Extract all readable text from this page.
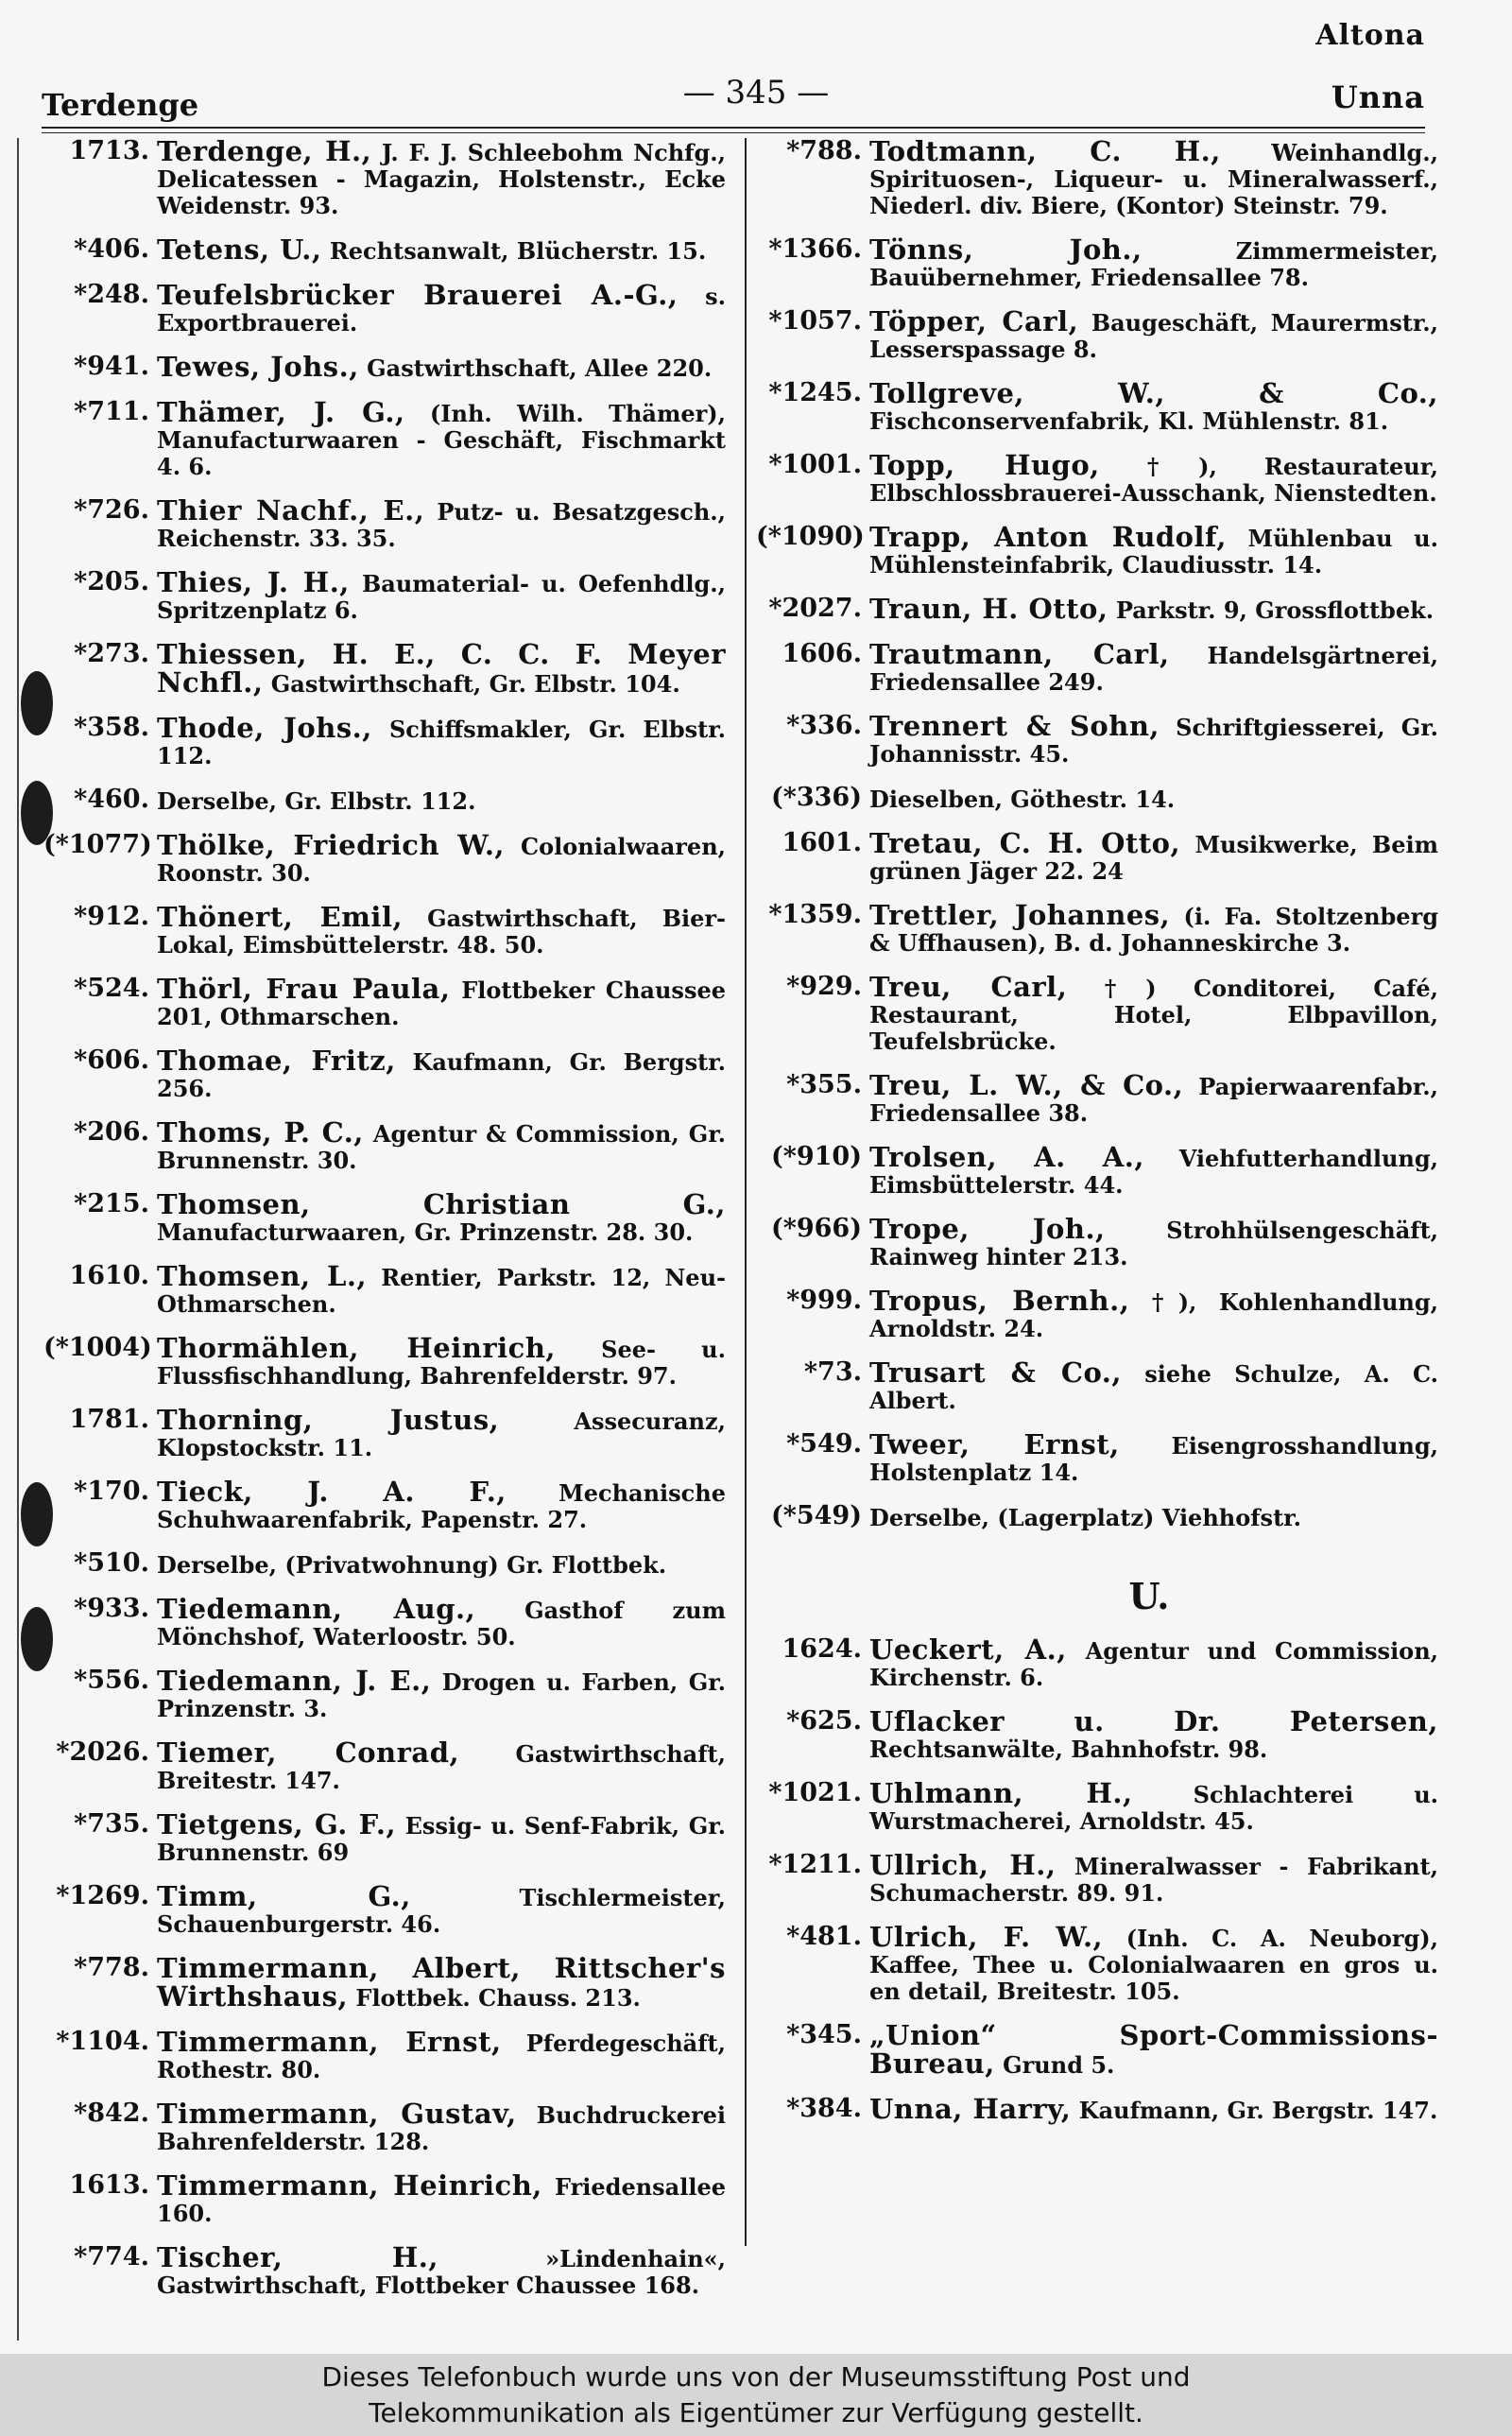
Altona
Terdenge	— 345 —	Unna
1713. Terdenge, H., J. F. J. Schleebohm Nchfg., Delicatessen - Magazin, Holstenstr., Ecke Weidenstr. 93.
*406. Tetens, U., Rechtsanwalt, Blücherstr. 15.
*248. Teufelsbrücker Brauerei A.-G., s. Exportbrauerei.
*941. Tewes, Johs., Gastwirthschaft, Allee 220.
*711. Thämer, J. G., (Inh. Wilh. Thämer), Manufacturwaaren - Geschäft, Fischmarkt 4. 6.
*726. Thier Nachf., E., Putz- u. Besatzgesch., Reichenstr. 33. 35.
*205. Thies, J. H., Baumaterial- u. Oefenhdlg., Spritzenplatz 6.
*273. Thiessen, H. E., C. C. F. Meyer Nchfl., Gastwirthschaft, Gr. Elbstr. 104.
*358. Thode, Johs., Schiffsmakler, Gr. Elbstr. 112.
*460. Derselbe, Gr. Elbstr. 112.
(*1077) Thölke, Friedrich W., Colonialwaaren, Roonstr. 30.
*912. Thönert, Emil, Gastwirthschaft, Bier-Lokal, Eimsbüttelerstr. 48. 50.
*524. Thörl, Frau Paula, Flottbeker Chaussee 201, Othmarschen.
*606. Thomae, Fritz, Kaufmann, Gr. Bergstr. 256.
*206. Thoms, P. C., Agentur & Commission, Gr. Brunnenstr. 30.
*215. Thomsen, Christian G., Manufacturwaaren, Gr. Prinzenstr. 28. 30.
1610. Thomsen, L., Rentier, Parkstr. 12, Neu-Othmarschen.
(*1004) Thormählen, Heinrich, See- u. Flussfischhandlung, Bahrenfelderstr. 97.
1781. Thorning, Justus, Assecuranz, Klopstockstr. 11.
*170. Tieck, J. A. F., Mechanische Schuhwaarenfabrik, Papenstr. 27.
*510. Derselbe, (Privatwohnung) Gr. Flottbek.
*933. Tiedemann, Aug., Gasthof zum Mönchshof, Waterloostr. 50.
*556. Tiedemann, J. E., Drogen u. Farben, Gr. Prinzenstr. 3.
*2026. Tiemer, Conrad, Gastwirthschaft, Breitestr. 147.
*735. Tietgens, G. F., Essig- u. Senf-Fabrik, Gr. Brunnenstr. 69
*1269. Timm, G., Tischlermeister, Schauenburgerstr. 46.
*778. Timmermann, Albert, Rittscher's Wirthshaus, Flottbek. Chauss. 213.
*1104. Timmermann, Ernst, Pferdegeschäft, Rothestr. 80.
*842. Timmermann, Gustav, Buchdruckerei Bahrenfelderstr. 128.
1613. Timmermann, Heinrich, Friedensallee 160.
*774. Tischer, H., »Lindenhain«, Gastwirthschaft, Flottbeker Chaussee 168.
*788. Todtmann, C. H., Weinhandlg., Spirituosen-, Liqueur- u. Mineralwasserf., Niederl. div. Biere, (Kontor) Steinstr. 79.
*1366. Tönns, Joh., Zimmermeister, Bauübernehmer, Friedensallee 78.
*1057. Töpper, Carl, Baugeschäft, Maurermstr., Lesserspassage 8.
*1245. Tollgreve, W., & Co., Fischconservenfabrik, Kl. Mühlenstr. 81.
*1001. Topp, Hugo, †), Restaurateur, Elbschlossbrauerei-Ausschank, Nienstedten.
(*1090) Trapp, Anton Rudolf, Mühlenbau u. Mühlensteinfabrik, Claudiusstr. 14.
*2027. Traun, H. Otto, Parkstr. 9, Grossflottbek.
1606. Trautmann, Carl, Handelsgärtnerei, Friedensallee 249.
*336. Trennert & Sohn, Schriftgiesserei, Gr. Johannisstr. 45.
(*336) Dieselben, Göthestr. 14.
1601. Tretau, C. H. Otto, Musikwerke, Beim grünen Jäger 22. 24
*1359. Trettler, Johannes, (i. Fa. Stoltzenberg & Uffhausen), B. d. Johanneskirche 3.
*929. Treu, Carl, †) Conditorei, Café, Restaurant, Hotel, Elbpavillon, Teufelsbrücke.
*355. Treu, L. W., & Co., Papierwaarenfabr., Friedensallee 38.
(*910) Trolsen, A. A., Viehfutterhandlung, Eimsbüttelerstr. 44.
(*966) Trope, Joh., Strohhülsengeschäft, Rainweg hinter 213.
*999. Tropus, Bernh., †), Kohlenhandlung, Arnoldstr. 24.
*73. Trusart & Co., siehe Schulze, A. C. Albert.
*549. Tweer, Ernst, Eisengrosshandlung, Holstenplatz 14.
(*549) Derselbe, (Lagerplatz) Viehhofstr.
U.
1624. Ueckert, A., Agentur und Commission, Kirchenstr. 6.
*625. Uflacker u. Dr. Petersen, Rechtsanwälte, Bahnhofstr. 98.
*1021. Uhlmann, H., Schlachterei u. Wurstmacherei, Arnoldstr. 45.
*1211. Ullrich, H., Mineralwasser - Fabrikant, Schumacherstr. 89. 91.
*481. Ulrich, F. W., (Inh. C. A. Neuborg), Kaffee, Thee u. Colonialwaaren en gros u. en detail, Breitestr. 105.
*345. „Union“ Sport-Commissions-Bureau, Grund 5.
*384. Unna, Harry, Kaufmann, Gr. Bergstr. 147.
Dieses Telefonbuch wurde uns von der Museumsstiftung Post und
Telekommunikation als Eigentümer zur Verfügung gestellt.
